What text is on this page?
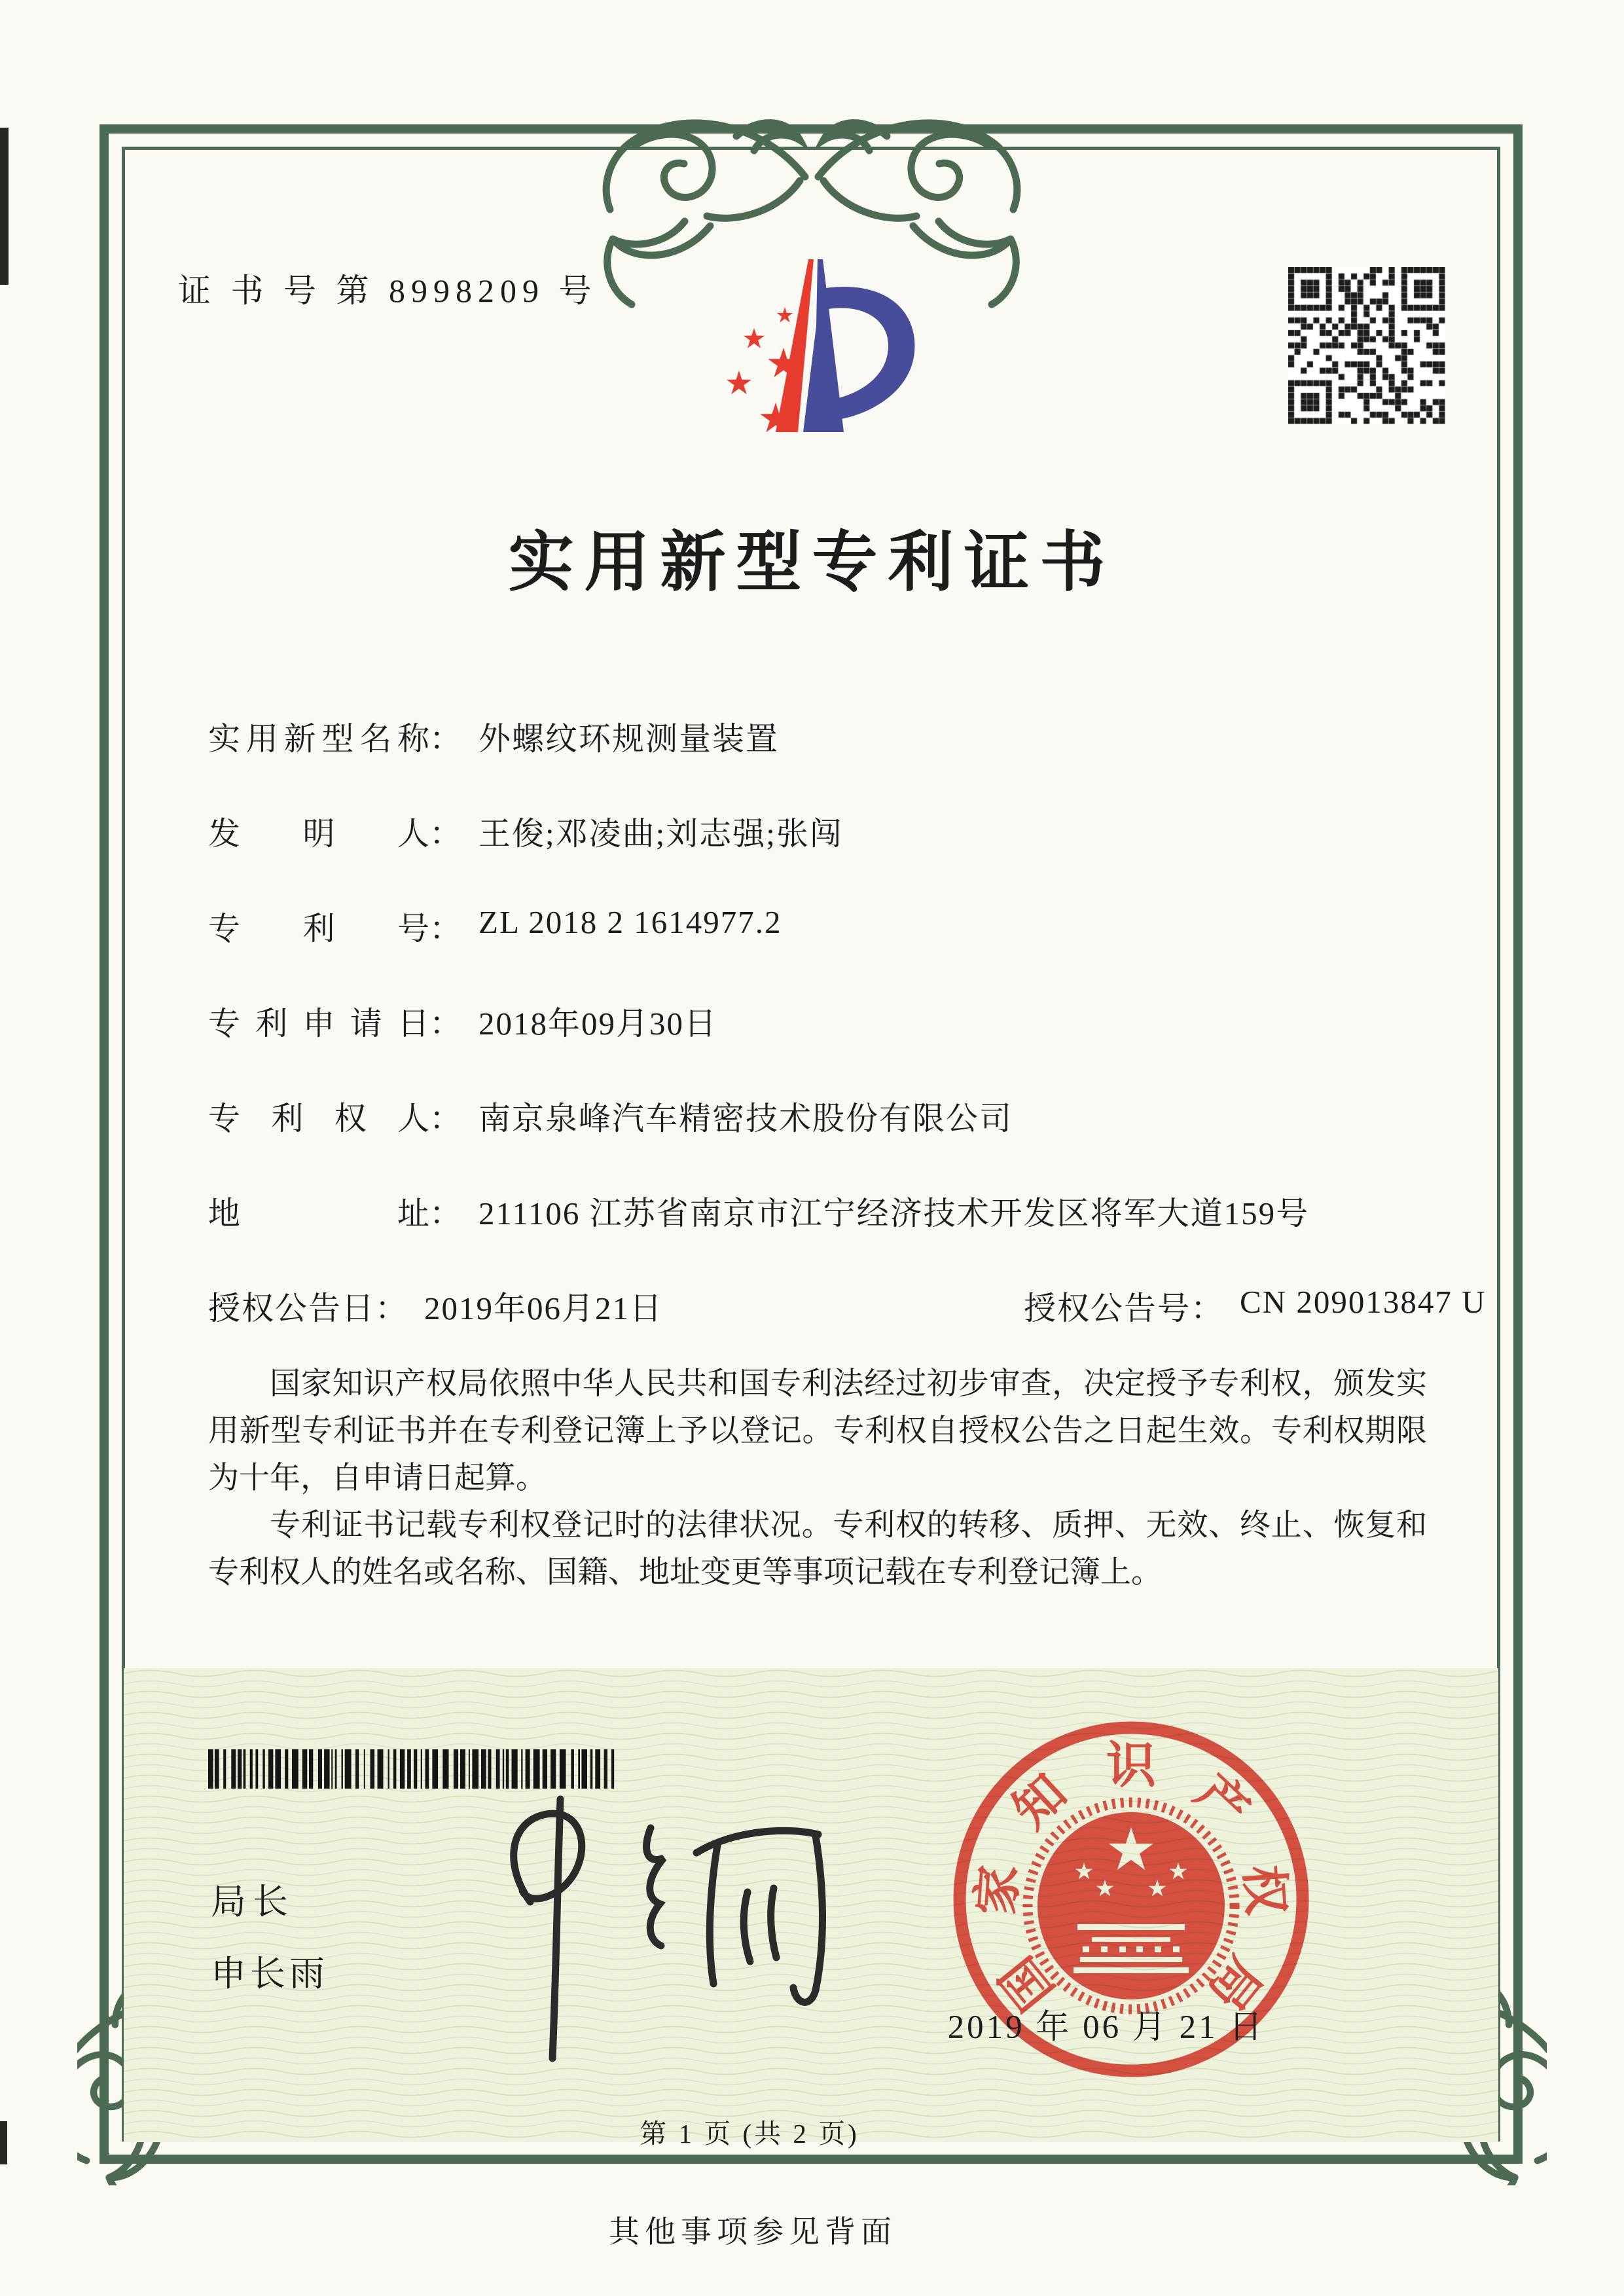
证 书 号 第 8998209 号
实用新型专利证书
实用新型名称： 外螺纹环规测量装置
发明人： 王俊;邓凌曲;刘志强;张闯
专利号： ZL 2018 2 1614977.2
专利申请日： 2018年09月30日
专利权人： 南京泉峰汽车精密技术股份有限公司
地址： 211106 江苏省南京市江宁经济技术开发区将军大道159号
授权公告日： 2019年06月21日	授权公告号： CN 209013847 U

国家知识产权局依照中华人民共和国专利法经过初步审查，决定授予专利权，颁发实用新型专利证书并在专利登记簿上予以登记。专利权自授权公告之日起生效。专利权期限为十年，自申请日起算。

专利证书记载专利权登记时的法律状况。专利权的转移、质押、无效、终止、恢复和专利权人的姓名或名称、国籍、地址变更等事项记载在专利登记簿上。

局长
申长雨	国
家
知 识 产
权
局
2019 年 06 月 21 日
第 1 页 (共 2 页)
其他事项参见背面
